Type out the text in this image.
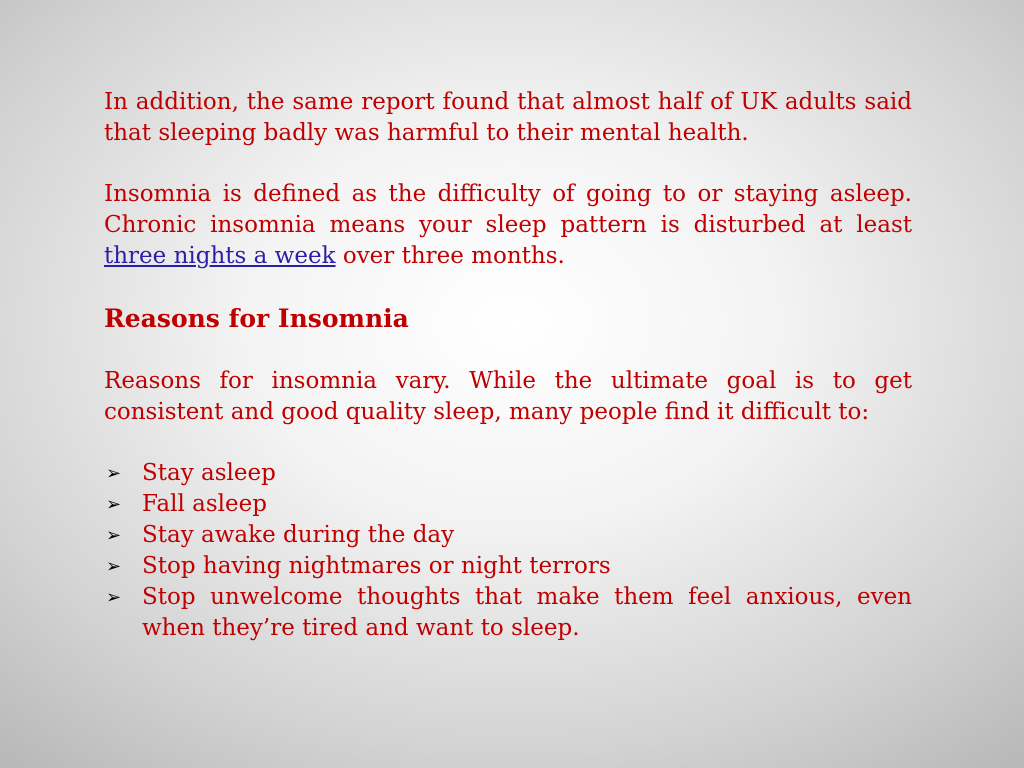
In addition, the same report found that almost half of UK adults said that sleeping badly was harmful to their mental health.

Insomnia is defined as the difficulty of going to or staying asleep. Chronic insomnia means your sleep pattern is disturbed at least three nights a week over three months.

Reasons for Insomnia

Reasons for insomnia vary. While the ultimate goal is to get consistent and good quality sleep, many people find it difficult to:

➢ Stay asleep
➢ Fall asleep
➢ Stay awake during the day
➢ Stop having nightmares or night terrors
➢ Stop unwelcome thoughts that make them feel anxious, even when they’re tired and want to sleep.
